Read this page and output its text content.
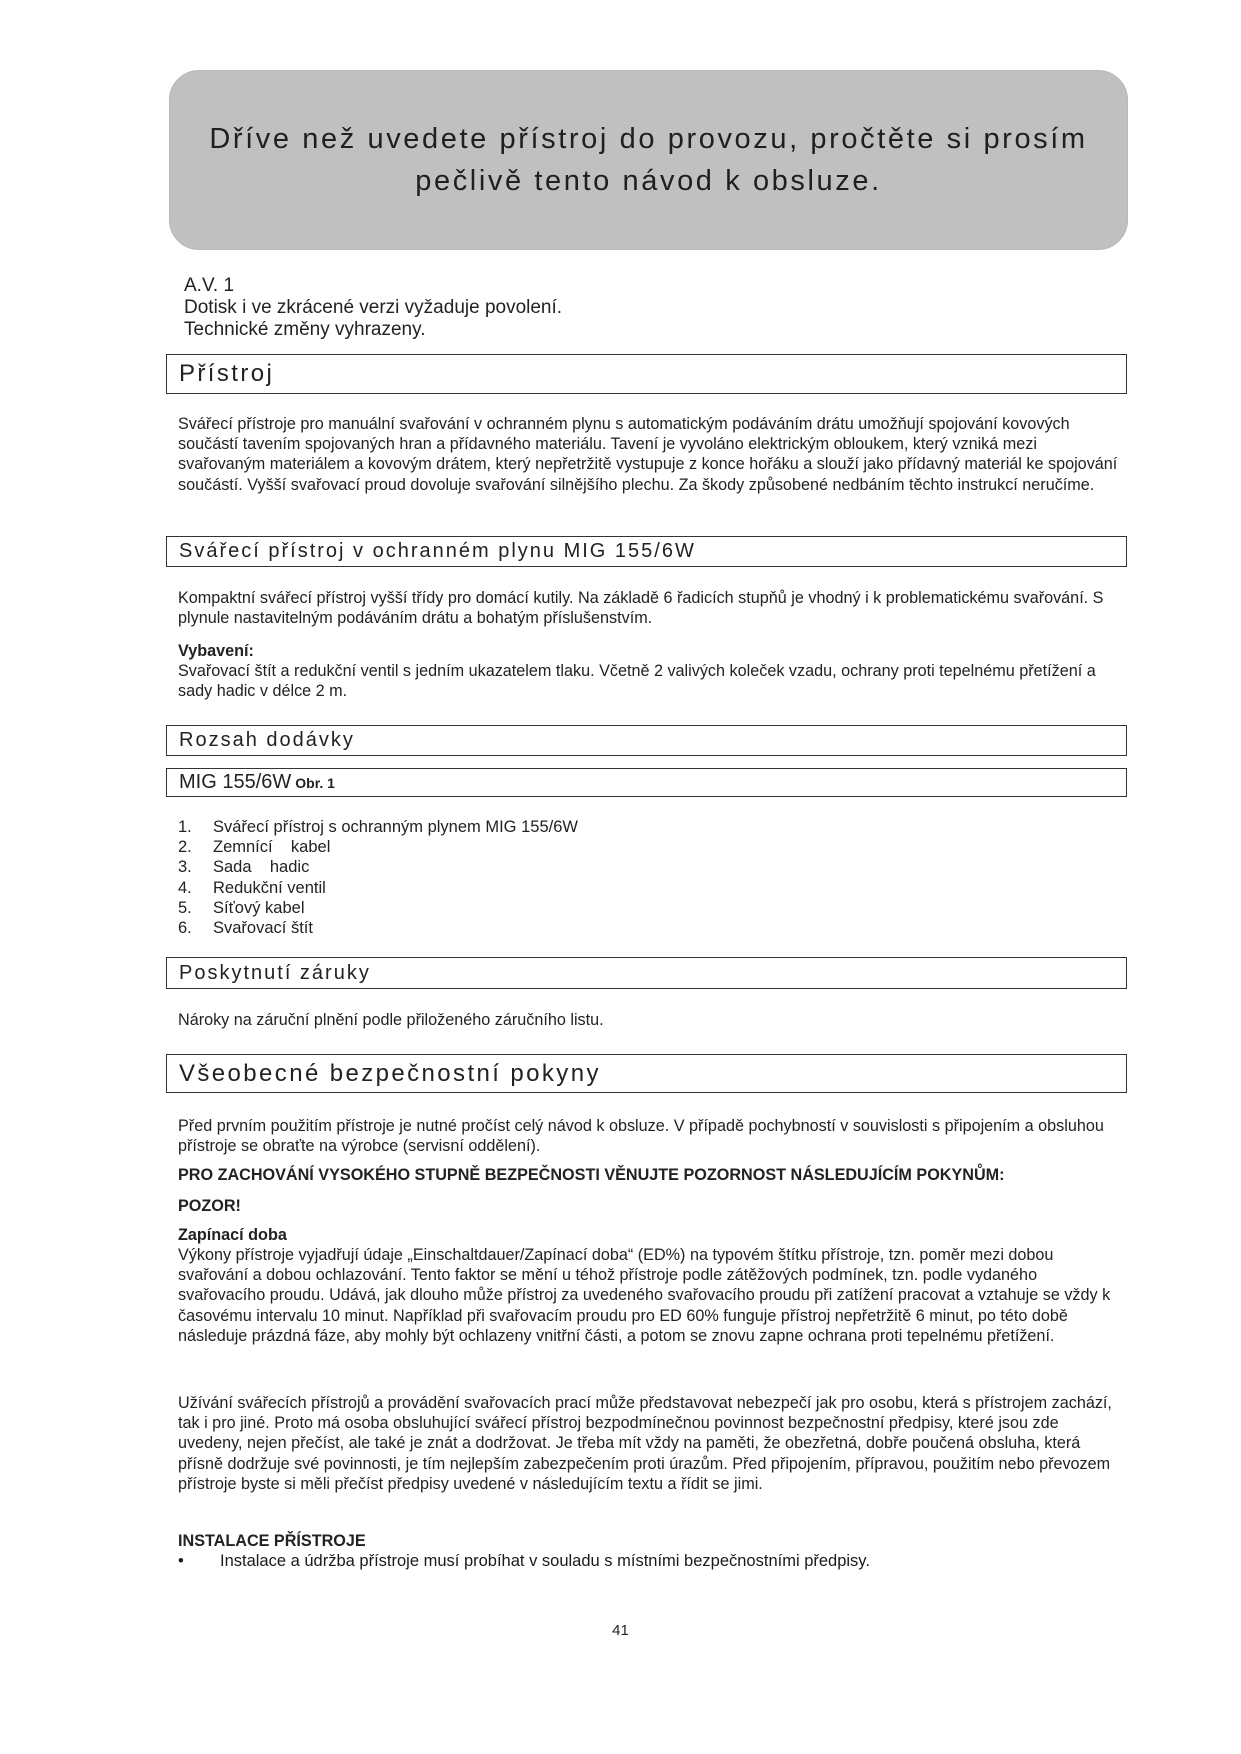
Dříve než uvedete přístroj do provozu, pročtěte si prosím
pečlivě tento návod k obsluze.
A.V. 1
Dotisk i ve zkrácené verzi vyžaduje povolení.
Technické změny vyhrazeny.
Přístroj
Svářecí přístroje pro manuální svařování v ochranném plynu s automatickým podáváním drátu umožňují spojování kovových součástí tavením spojovaných hran a přídavného materiálu. Tavení je vyvoláno elektrickým obloukem, který vzniká mezi svařovaným materiálem a kovovým drátem, který nepřetržitě vystupuje z konce hořáku a slouží jako přídavný materiál ke spojování součástí. Vyšší svařovací proud dovoluje svařování silnějšího plechu. Za škody způsobené nedbáním těchto instrukcí neručíme.
Svářecí přístroj v ochranném plynu MIG 155/6W
Kompaktní svářecí přístroj vyšší třídy pro domácí kutily. Na základě 6 řadicích stupňů je vhodný i k problematickému svařování. S plynule nastavitelným podáváním drátu a bohatým příslušenstvím.
Vybavení:
Svařovací štít a redukční ventil s jedním ukazatelem tlaku. Včetně 2 valivých koleček vzadu, ochrany proti tepelnému přetížení a sady hadic v délce 2 m.
Rozsah dodávky
MIG 155/6W Obr. 1
1.	Svářecí přístroj s ochranným plynem MIG 155/6W
2.	Zemnící    kabel
3.	Sada    hadic
4.	Redukční ventil
5.	Síťový kabel
6.	Svařovací štít
Poskytnutí záruky
Nároky na záruční plnění podle přiloženého záručního listu.
Všeobecné bezpečnostní pokyny
Před prvním použitím přístroje je nutné pročíst celý návod k obsluze. V případě pochybností v souvislosti s připojením a obsluhou přístroje se obraťte na výrobce (servisní oddělení).
PRO ZACHOVÁNÍ VYSOKÉHO STUPNĚ BEZPEČNOSTI VĚNUJTE POZORNOST NÁSLEDUJÍCÍM POKYNŮM:
POZOR!
Zapínací doba
Výkony přístroje vyjadřují údaje „Einschaltdauer/Zapínací doba“ (ED%) na typovém štítku přístroje, tzn. poměr mezi dobou svařování a dobou ochlazování. Tento faktor se mění u téhož přístroje podle zátěžových podmínek, tzn. podle vydaného svařovacího proudu. Udává, jak dlouho může přístroj za uvedeného svařovacího proudu při zatížení pracovat a vztahuje se vždy k časovému intervalu 10 minut. Například při svařovacím proudu pro ED 60% funguje přístroj nepřetržitě 6 minut, po této době následuje prázdná fáze, aby mohly být ochlazeny vnitřní části, a potom se znovu zapne ochrana proti tepelnému přetížení.
Užívání svářecích přístrojů a provádění svařovacích prací může představovat nebezpečí jak pro osobu, která s přístrojem zachází, tak i pro jiné. Proto má osoba obsluhující svářecí přístroj bezpodmínečnou povinnost bezpečnostní předpisy, které jsou zde uvedeny, nejen přečíst, ale také je znát a dodržovat. Je třeba mít vždy na paměti, že obezřetná, dobře poučená obsluha, která přísně dodržuje své povinnosti, je tím nejlepším zabezpečením proti úrazům. Před připojením, přípravou, použitím nebo převozem přístroje byste si měli přečíst předpisy uvedené v následujícím textu a řídit se jimi.
INSTALACE PŘÍSTROJE
•	Instalace a údržba přístroje musí probíhat v souladu s místními bezpečnostními předpisy.
41
